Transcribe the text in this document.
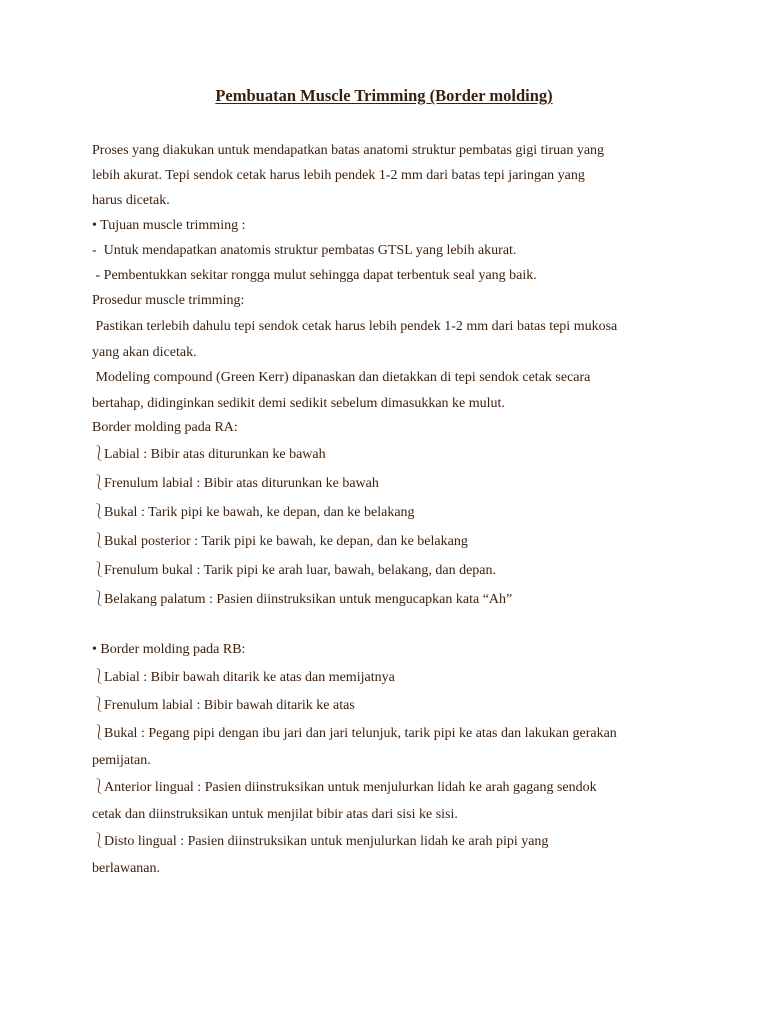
Pembuatan Muscle Trimming (Border molding)
Proses yang diakukan untuk mendapatkan batas anatomi struktur pembatas gigi tiruan yang
lebih akurat. Tepi sendok cetak harus lebih pendek 1-2 mm dari batas tepi jaringan yang
harus dicetak.
• Tujuan muscle trimming :
-  Untuk mendapatkan anatomis struktur pembatas GTSL yang lebih akurat.
- Pembentukkan sekitar rongga mulut sehingga dapat terbentuk seal yang baik.
Prosedur muscle trimming:
Pastikan terlebih dahulu tepi sendok cetak harus lebih pendek 1-2 mm dari batas tepi mukosa
yang akan dicetak.
Modeling compound (Green Kerr) dipanaskan dan dietakkan di tepi sendok cetak secara
bertahap, didinginkan sedikit demi sedikit sebelum dimasukkan ke mulut.
Border molding pada RA:
⎱Labial : Bibir atas diturunkan ke bawah
⎱Frenulum labial : Bibir atas diturunkan ke bawah
⎱Bukal : Tarik pipi ke bawah, ke depan, dan ke belakang
⎱Bukal posterior : Tarik pipi ke bawah, ke depan, dan ke belakang
⎱Frenulum bukal : Tarik pipi ke arah luar, bawah, belakang, dan depan.
⎱Belakang palatum : Pasien diinstruksikan untuk mengucapkan kata “Ah”
• Border molding pada RB:
⎱Labial : Bibir bawah ditarik ke atas dan memijatnya
⎱Frenulum labial : Bibir bawah ditarik ke atas
⎱Bukal : Pegang pipi dengan ibu jari dan jari telunjuk, tarik pipi ke atas dan lakukan gerakan
pemijatan.
⎱Anterior lingual : Pasien diinstruksikan untuk menjulurkan lidah ke arah gagang sendok
cetak dan diinstruksikan untuk menjilat bibir atas dari sisi ke sisi.
⎱Disto lingual : Pasien diinstruksikan untuk menjulurkan lidah ke arah pipi yang
berlawanan.
